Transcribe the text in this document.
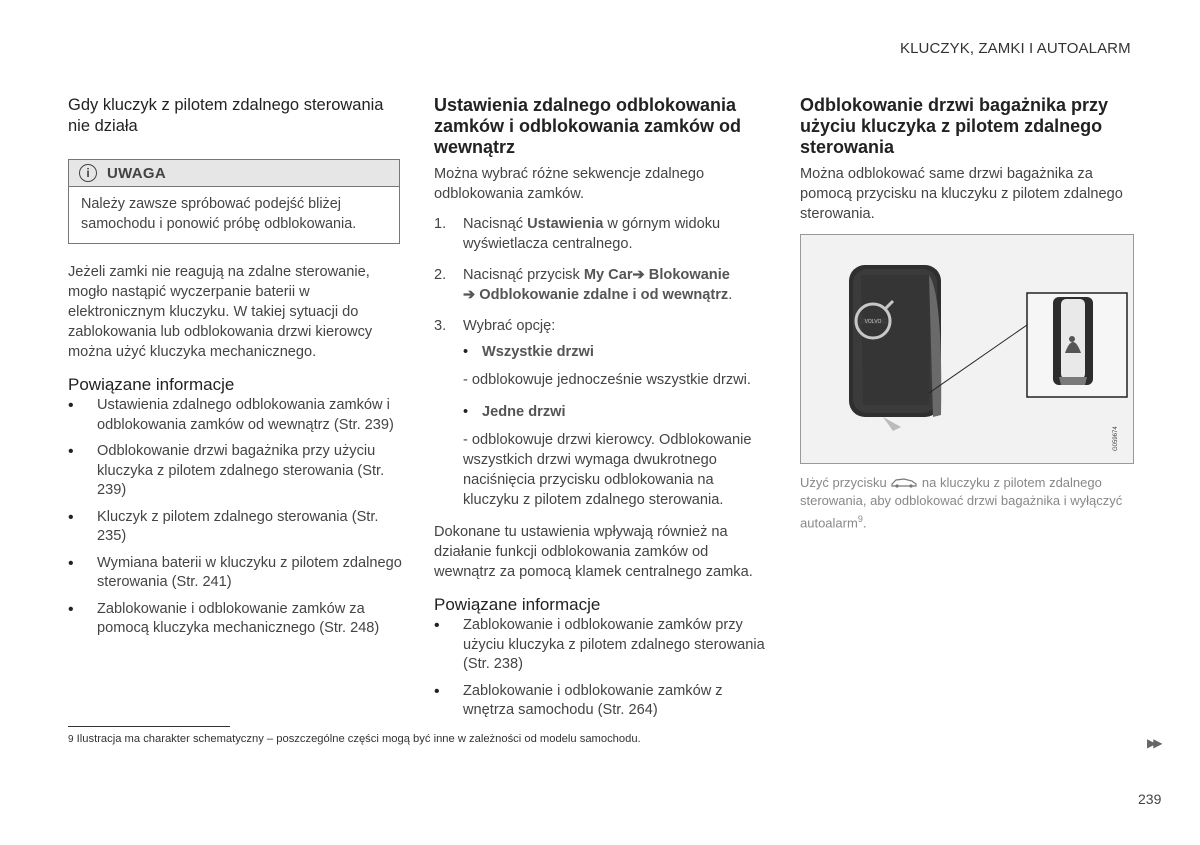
KLUCZYK, ZAMKI I AUTOALARM
Gdy kluczyk z pilotem zdalnego sterowania nie działa
i	UWAGA
Należy zawsze spróbować podejść bliżej samochodu i ponowić próbę odblokowania.

Jeżeli zamki nie reagują na zdalne sterowanie, mogło nastąpić wyczerpanie baterii w elektronicznym kluczyku. W takiej sytuacji do zablokowania lub odblokowania drzwi kierowcy można użyć kluczyka mechanicznego.

Powiązane informacje
• Ustawienia zdalnego odblokowania zamków i odblokowania zamków od wewnątrz (Str. 239)
• Odblokowanie drzwi bagażnika przy użyciu kluczyka z pilotem zdalnego sterowania (Str. 239)
• Kluczyk z pilotem zdalnego sterowania (Str. 235)
• Wymiana baterii w kluczyku z pilotem zdalnego sterowania (Str. 241)
• Zablokowanie i odblokowanie zamków za pomocą kluczyka mechanicznego (Str. 248)
Ustawienia zdalnego odblokowania zamków i odblokowania zamków od wewnątrz

Można wybrać różne sekwencje zdalnego odblokowania zamków.

1. Nacisnąć Ustawienia w górnym widoku wyświetlacza centralnego.
2. Nacisnąć przycisk My Car➔ Blokowanie
➔ Odblokowanie zdalne i od wewnątrz.
3. Wybrać opcję:
• Wszystkie drzwi
- odblokowuje jednocześnie wszystkie drzwi.
• Jedne drzwi
- odblokowuje drzwi kierowcy. Odblokowanie wszystkich drzwi wymaga dwukrotnego naciśnięcia przycisku odblokowania na kluczyku z pilotem zdalnego sterowania.

Dokonane tu ustawienia wpływają również na działanie funkcji odblokowania zamków od wewnątrz za pomocą klamek centralnego zamka.

Powiązane informacje
• Zablokowanie i odblokowanie zamków przy użyciu kluczyka z pilotem zdalnego sterowania (Str. 238)
• Zablokowanie i odblokowanie zamków z wnętrza samochodu (Str. 264)
Odblokowanie drzwi bagażnika przy użyciu kluczyka z pilotem zdalnego sterowania

Można odblokować same drzwi bagażnika za pomocą przycisku na kluczyku z pilotem zdalnego sterowania.

VOLVO
G059674
Użyć przycisku  na kluczyku z pilotem zdalnego sterowania, aby odblokować drzwi bagażnika i wyłączyć autoalarm$^9$.
9 Ilustracja ma charakter schematyczny – poszczególne części mogą być inne w zależności od modelu samochodu.	▶▶
239
